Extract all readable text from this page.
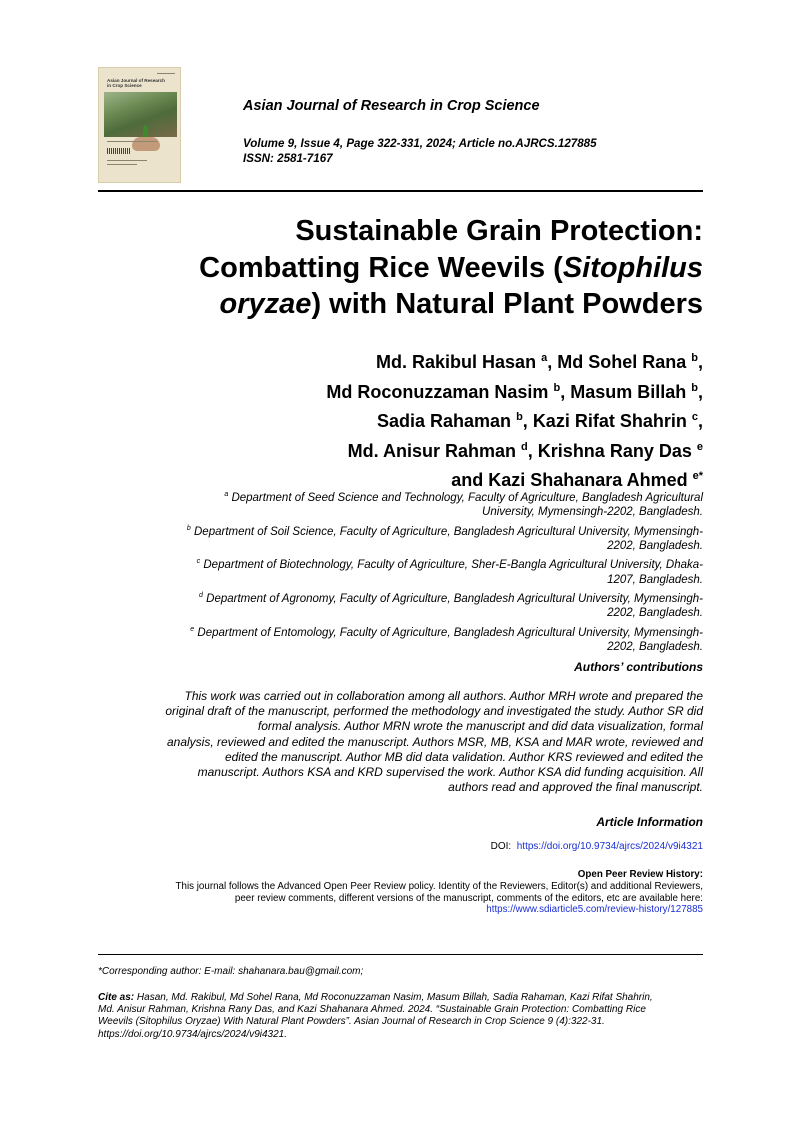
Asian Journal of Research
in Crop Science
Asian Journal of Research in Crop Science
Volume 9, Issue 4, Page 322-331, 2024; Article no.AJRCS.127885
ISSN: 2581-7167
Sustainable Grain Protection:
Combatting Rice Weevils (Sitophilus
oryzae) with Natural Plant Powders
Md. Rakibul Hasan $^a$, Md Sohel Rana $^b$,
Md Roconuzzaman Nasim $^b$, Masum Billah $^b$,
Sadia Rahaman $^b$, Kazi Rifat Shahrin $^c$,
Md. Anisur Rahman $^d$, Krishna Rany Das $^e$
and Kazi Shahanara Ahmed $^{e*}$
$^a$ Department of Seed Science and Technology, Faculty of Agriculture, Bangladesh Agricultural
University, Mymensingh-2202, Bangladesh.
$^b$ Department of Soil Science, Faculty of Agriculture, Bangladesh Agricultural University, Mymensingh-
2202, Bangladesh.
$^c$ Department of Biotechnology, Faculty of Agriculture, Sher-E-Bangla Agricultural University, Dhaka-
1207, Bangladesh.
$^d$ Department of Agronomy, Faculty of Agriculture, Bangladesh Agricultural University, Mymensingh-
2202, Bangladesh.
$^e$ Department of Entomology, Faculty of Agriculture, Bangladesh Agricultural University, Mymensingh-
2202, Bangladesh.
Authors’ contributions
This work was carried out in collaboration among all authors. Author MRH wrote and prepared the
original draft of the manuscript, performed the methodology and investigated the study. Author SR did
formal analysis. Author MRN wrote the manuscript and did data visualization, formal
analysis, reviewed and edited the manuscript. Authors MSR, MB, KSA and MAR wrote, reviewed and
edited the manuscript. Author MB did data validation. Author KRS reviewed and edited the
manuscript. Authors KSA and KRD supervised the work. Author KSA did funding acquisition. All
authors read and approved the final manuscript.
Article Information
DOI: https://doi.org/10.9734/ajrcs/2024/v9i4321
Open Peer Review History:
This journal follows the Advanced Open Peer Review policy. Identity of the Reviewers, Editor(s) and additional Reviewers,
peer review comments, different versions of the manuscript, comments of the editors, etc are available here:
https://www.sdiarticle5.com/review-history/127885
*Corresponding author: E-mail: shahanara.bau@gmail.com;
Cite as: Hasan, Md. Rakibul, Md Sohel Rana, Md Roconuzzaman Nasim, Masum Billah, Sadia Rahaman, Kazi Rifat Shahrin,
Md. Anisur Rahman, Krishna Rany Das, and Kazi Shahanara Ahmed. 2024. “Sustainable Grain Protection: Combatting Rice
Weevils (Sitophilus Oryzae) With Natural Plant Powders”. Asian Journal of Research in Crop Science 9 (4):322-31.
https://doi.org/10.9734/ajrcs/2024/v9i4321.
